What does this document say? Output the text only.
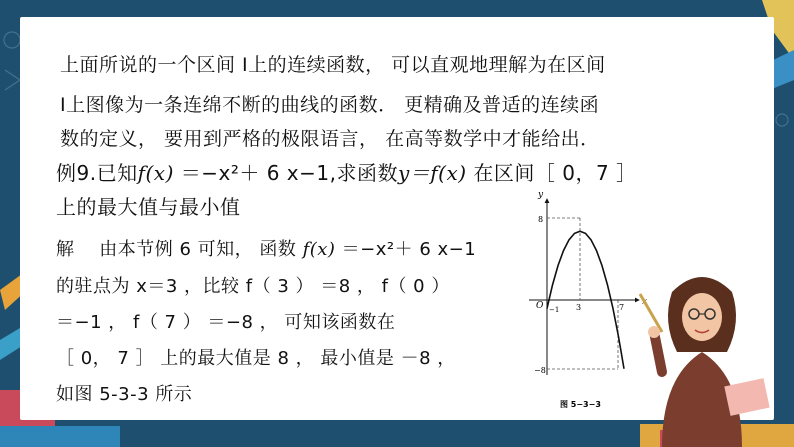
上面所说的一个区间 I上的连续函数， 可以直观地理解为在区间
I上图像为一条连绵不断的曲线的函数． 更精确及普适的连续函
数的定义， 要用到严格的极限语言， 在高等数学中才能给出．
例9.已知f(x) ＝−x²＋ 6 x−1,求函数y＝f(x) 在区间［ 0，7 ］
上的最大值与最小值
解　 由本节例 6 可知， 函数 f(x) ＝−x²＋ 6 x−1
的驻点为 x＝3 ，比较 f（ 3 ） ＝8 ， f（ 0 ）
＝−1 ， f（ 7 ） ＝−8 ， 可知该函数在
［ 0， 7 ］ 上的最大值是 8 ， 最小值是 －8 ，
如图 5-3-3 所示
y
O
8
−8
−1 3	7
图 5−3−3
